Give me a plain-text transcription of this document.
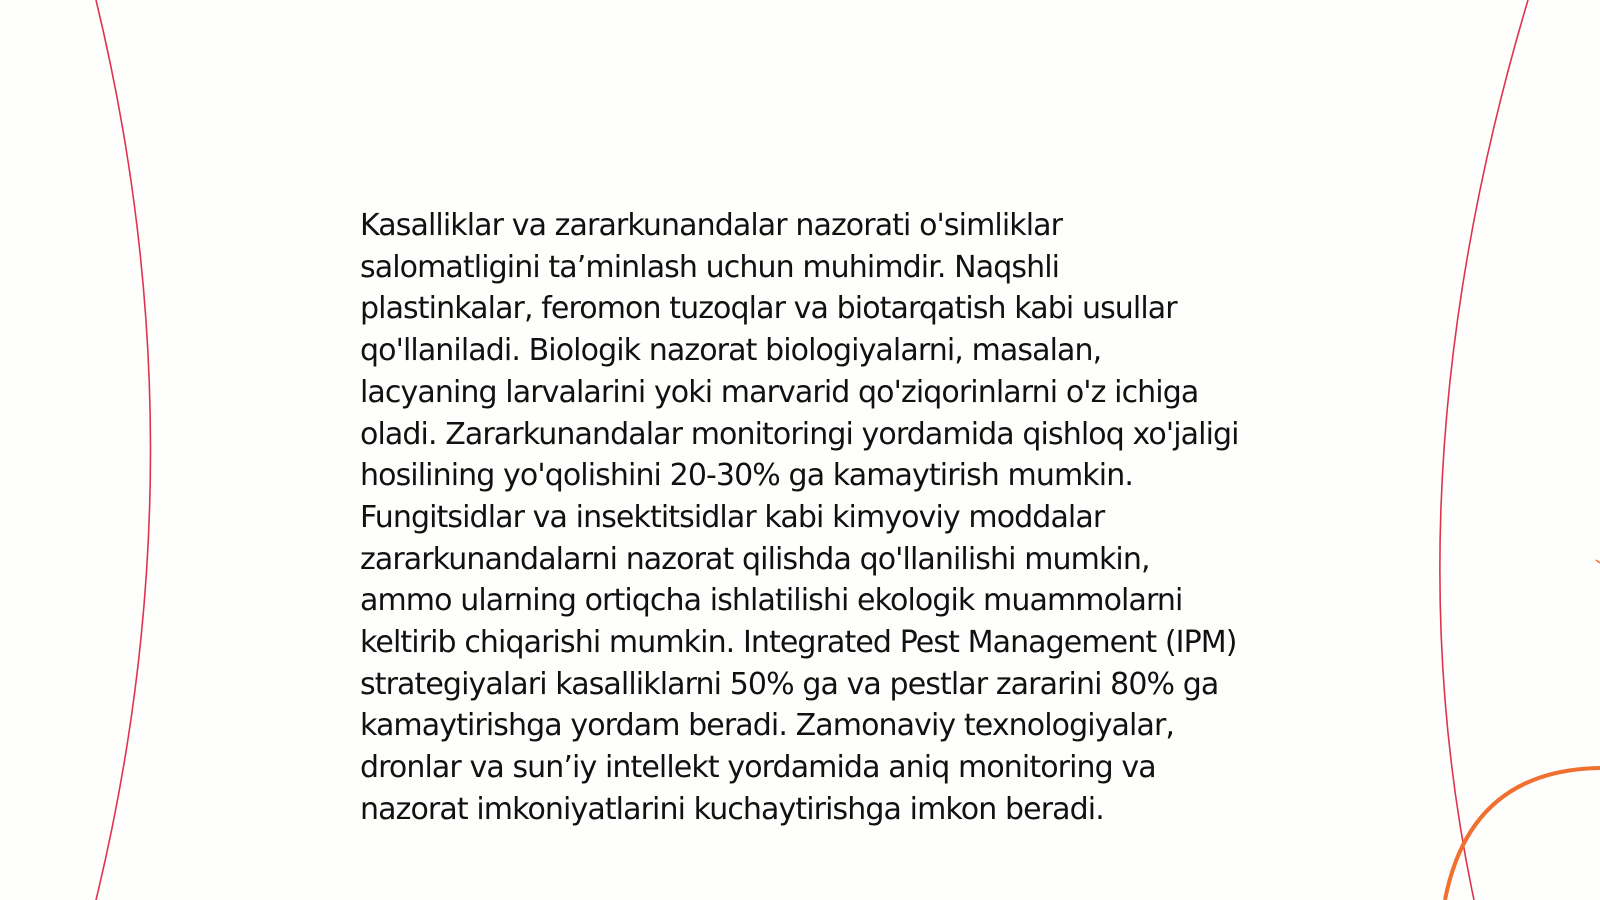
Kasalliklar va zararkunandalar nazorati o'simliklar salomatligini ta’minlash uchun muhimdir. Naqshli plastinkalar, feromon tuzoqlar va biotarqatish kabi usullar qo'llaniladi. Biologik nazorat biologiyalarni, masalan, lacyaning larvalarini yoki marvarid qo'ziqorinlarni o'z ichiga oladi. Zararkunandalar monitoringi yordamida qishloq xo'jaligi hosilining yo'qolishini 20-30% ga kamaytirish mumkin. Fungitsidlar va insektitsidlar kabi kimyoviy moddalar zararkunandalarni nazorat qilishda qo'llanilishi mumkin, ammo ularning ortiqcha ishlatilishi ekologik muammolarni keltirib chiqarishi mumkin. Integrated Pest Management (IPM) strategiyalari kasalliklarni 50% ga va pestlar zararini 80% ga kamaytirishga yordam beradi. Zamonaviy texnologiyalar, dronlar va sun’iy intellekt yordamida aniq monitoring va nazorat imkoniyatlarini kuchaytirishga imkon beradi.
